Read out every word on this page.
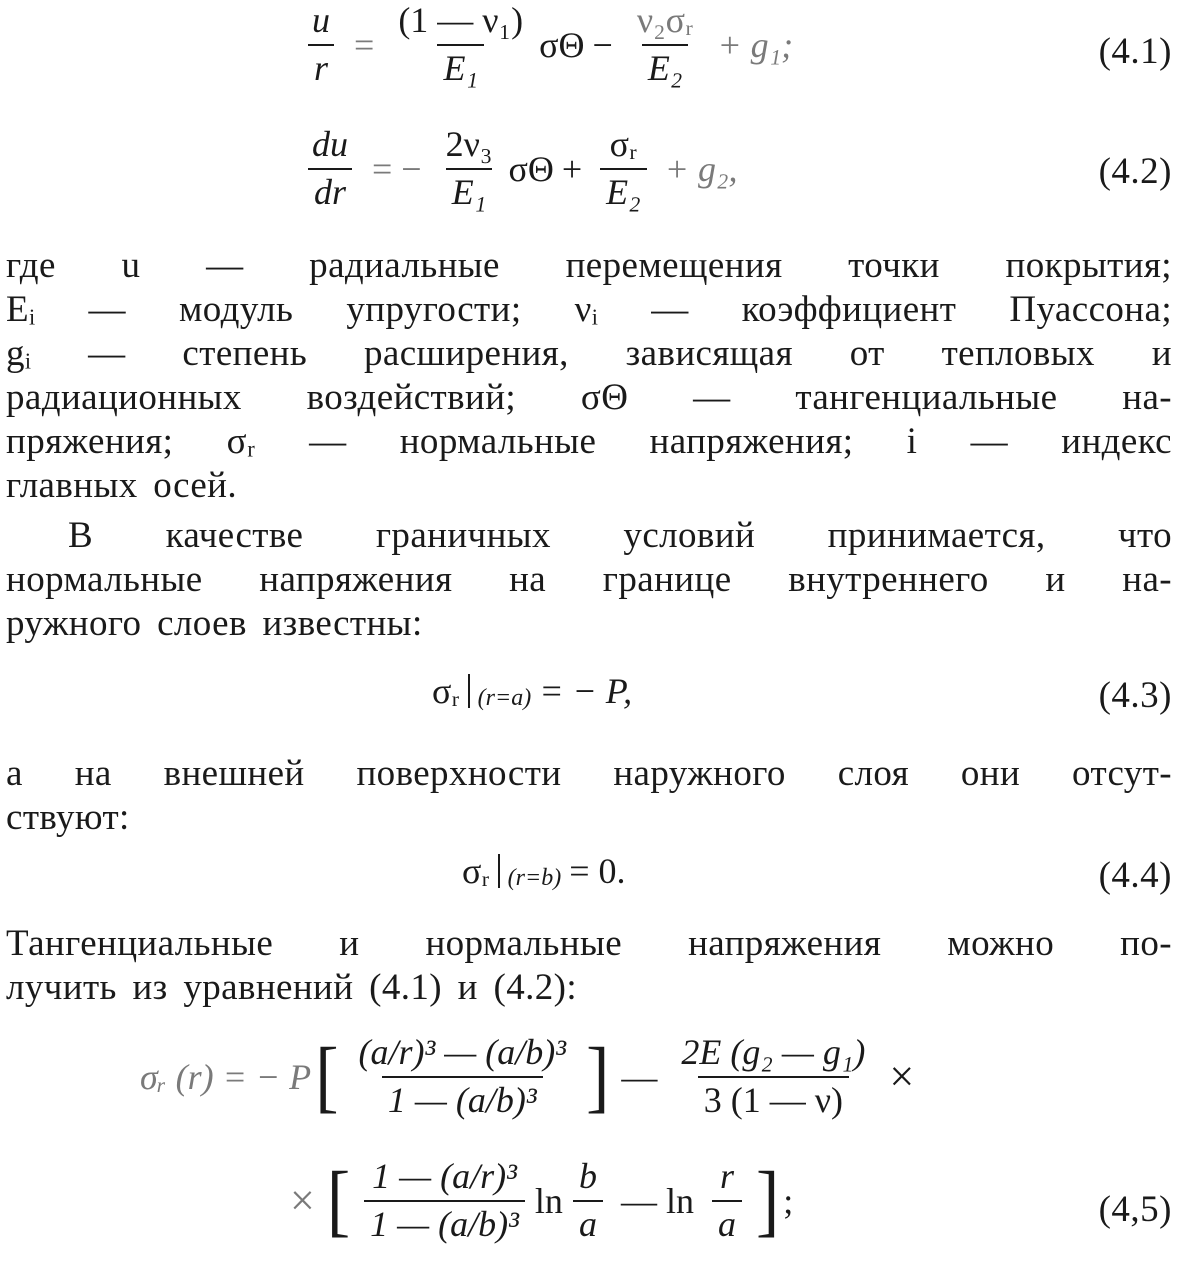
$\frac{u}{r} = \frac{\text{(1 — ν₁)}}{\text{E₁}}$ $\sigma\Theta - \frac{\text{ν₂σᵣ}}{\text{E₂}} + g_1$;	(4.1)
$\frac{du}{dr}$ = − $\frac{\text{2ν₃}}{\text{E₁}}$ $\sigma\Theta + \frac{\text{σᵣ}}{\text{E₂}} + g_2$,	(4.2)
где u — радиальные перемещения точки покрытия;
Eᵢ — модуль упругости; νᵢ — коэффициент Пуассона;
gᵢ — степень расширения, зависящая от тепловых и
радиационных воздействий; σΘ — тангенциальные на-
пряжения; σᵣ — нормальные напряжения; i — индекс
главных осей.
В качестве граничных условий принимается, что
нормальные напряжения на границе внутреннего и на-
ружного слоев известны:
σᵣ (r=a) = − P,	(4.3)
а на внешней поверхности наружного слоя они отсут-
ствуют:
σᵣ (r=b) = 0.	(4.4)
Тангенциальные и нормальные напряжения можно по-
лучить из уравнений (4.1) и (4.2):
σᵣ (r) = − P [ $\frac{\text{(a/r)³ — (a/b)³}}{\text{1 — (a/b)³}}$ ] — $\frac{\text{2E (g₂ — g₁)}}{3 (1 — \nu)}$ ×
× [ $\frac{\text{1 — (a/r)³}}{\text{1 — (a/b)³}}$ $\ln \frac{b}{a}$ — $\ln \frac{r}{a}$ ] ;	(4,5)
